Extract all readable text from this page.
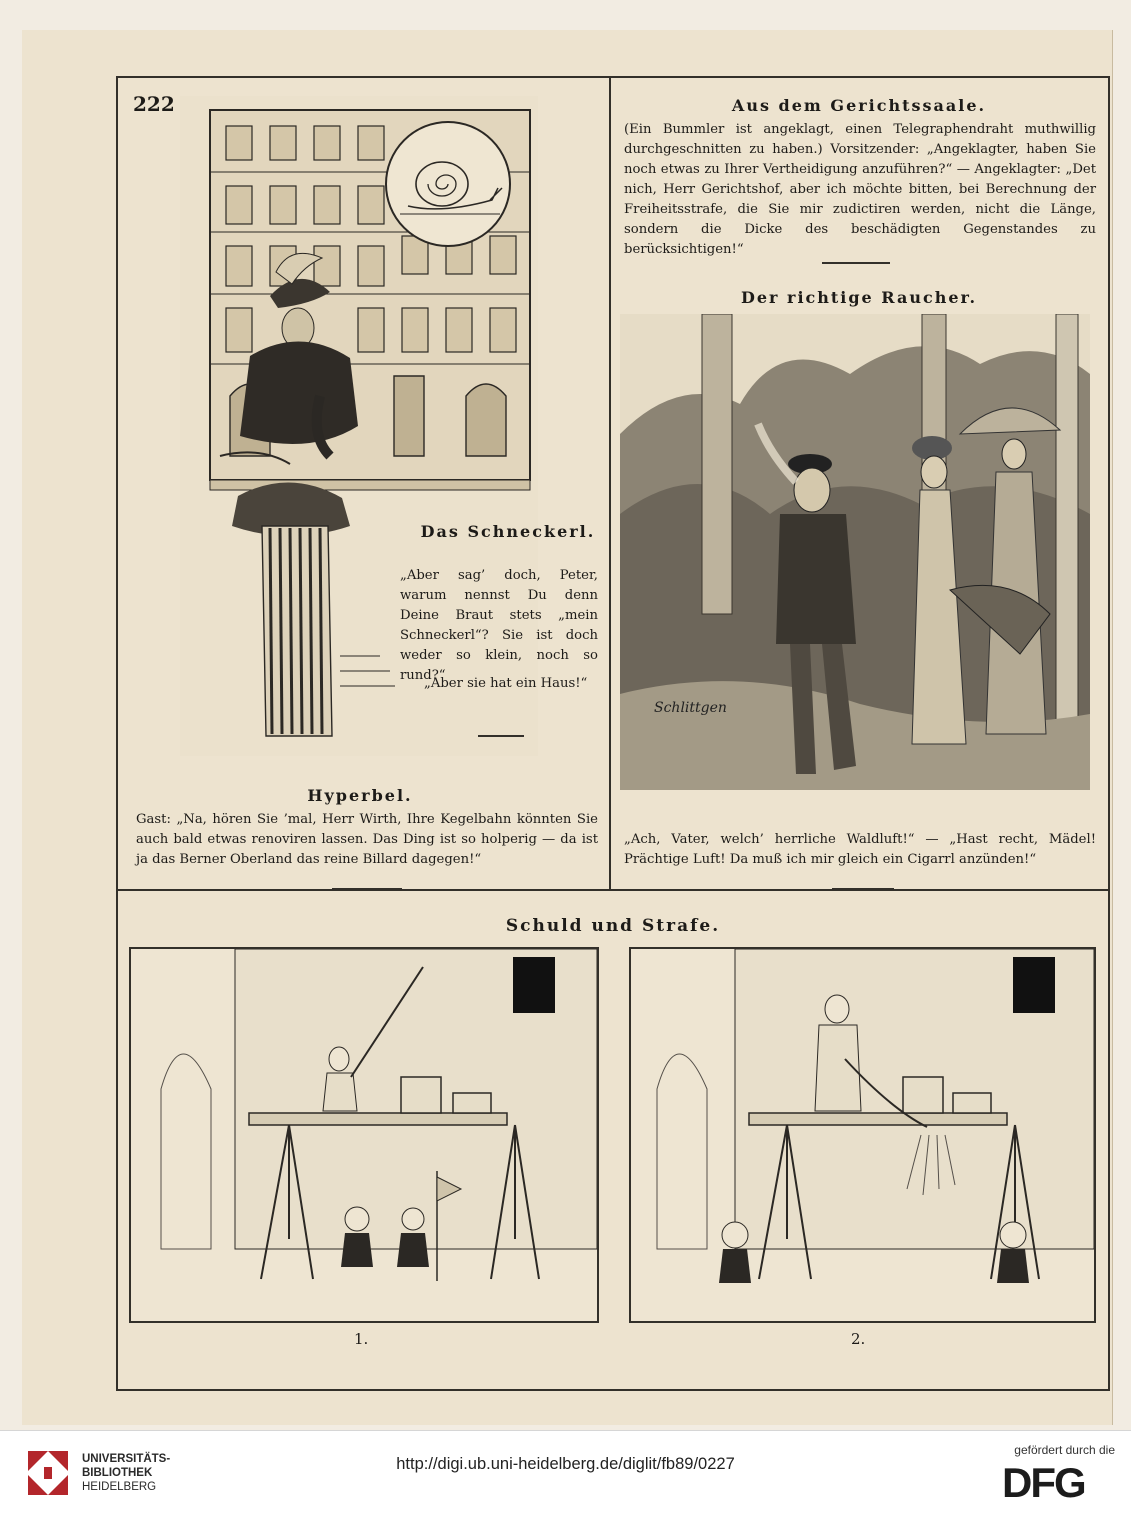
222
Das Schneckerl.
„Aber sag’ doch, Peter, warum nennst Du denn Deine Braut stets „mein Schneckerl“? Sie ist doch weder so klein, noch so rund?“
„Aber sie hat ein Haus!“
Hyperbel.
Gast: „Na, hören Sie ’mal, Herr Wirth, Ihre Kegelbahn könnten Sie auch bald etwas renoviren lassen. Das Ding ist so holperig — da ist ja das Berner Oberland das reine Billard dagegen!“
Aus dem Gerichtssaale.
(Ein Bummler ist angeklagt, einen Telegraphendraht muthwillig durchgeschnitten zu haben.) Vorsitzender: „Angeklagter, haben Sie noch etwas zu Ihrer Vertheidigung anzuführen?“ — Angeklagter: „Det nich, Herr Gerichtshof, aber ich möchte bitten, bei Berechnung der Freiheitsstrafe, die Sie mir zudictiren werden, nicht die Länge, sondern die Dicke des beschädigten Gegenstandes zu berücksichtigen!“
Der richtige Raucher.
Schlittgen
„Ach, Vater, welch’ herrliche Waldluft!“ — „Hast recht, Mädel! Prächtige Luft! Da muß ich mir gleich ein Cigarrl anzünden!“
Schuld und Strafe.
1.	2.
UNIVERSITÄTS-
BIBLIOTHEK
HEIDELBERG
http://digi.ub.uni-heidelberg.de/diglit/fb89/0227
gefördert durch die
DFG
